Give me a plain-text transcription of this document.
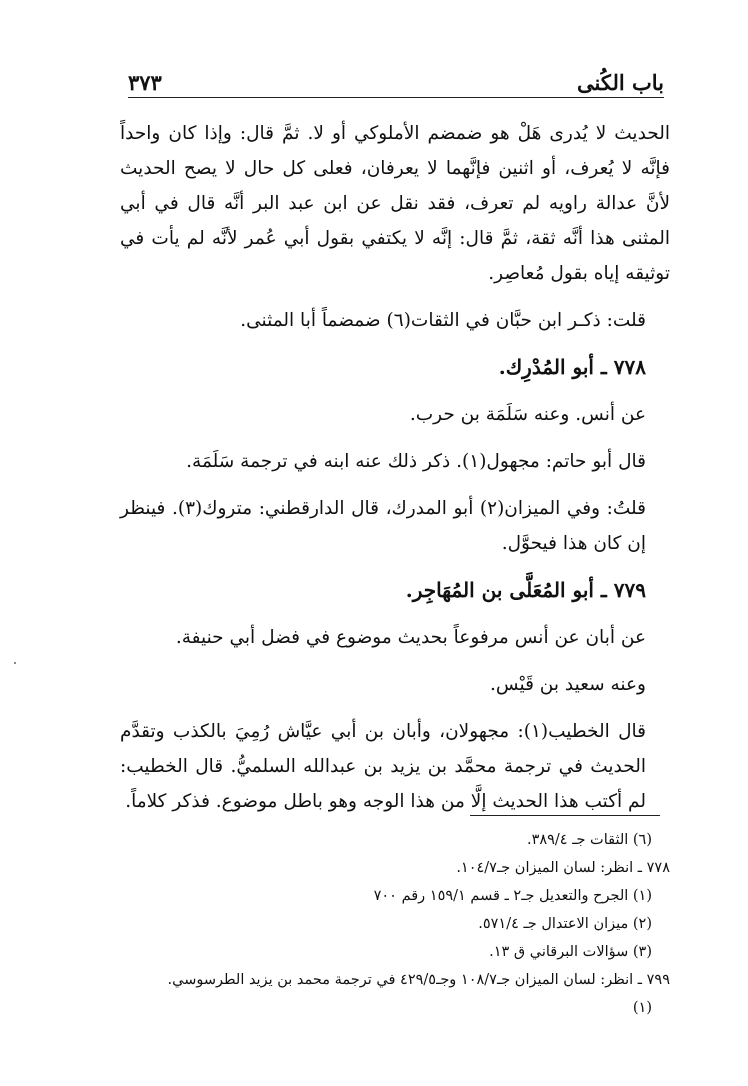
باب الكُنى
٣٧٣

الحديث لا يُدرى هَلْ هو ضمضم الأملوكي أو لا. ثمَّ قال: وإذا كان واحداً فإنَّه لا يُعرف، أو اثنين فإنَّهما لا يعرفان، فعلى كل حال لا يصح الحديث لأنَّ عدالة راويه لم تعرف، فقد نقل عن ابن عبد البر أنَّه قال في أبي المثنى هذا أنَّه ثقة، ثمَّ قال: إنَّه لا يكتفي بقول أبي عُمر لأنَّه لم يأت في توثيقه إياه بقول مُعاصِر.

قلت: ذكـر ابن حبَّان في الثقات(٦) ضمضماً أبا المثنى.

٧٧٨ ـ أبو المُدْرِك.

عن أنس. وعنه سَلَمَة بن حرب.

قال أبو حاتم: مجهول(١). ذكر ذلك عنه ابنه في ترجمة سَلَمَة.

قلتُ: وفي الميزان(٢) أبو المدرك، قال الدارقطني: متروك(٣). فينظر إن كان هذا فيحوَّل.

٧٧٩ ـ أبو المُعَلَّى بن المُهَاجِر.

عن أبان عن أنس مرفوعاً بحديث موضوع في فضل أبي حنيفة.

وعنه سعيد بن قَيْس.

قال الخطيب(١): مجهولان، وأبان بن أبي عيَّاش رُمِيَ بالكذب وتقدَّم الحديث في ترجمة محمَّد بن يزيد بن عبدالله السلميُّ. قال الخطيب: لم أكتب هذا الحديث إلَّا من هذا الوجه وهو باطل موضوع. فذكر كلاماً.

(٦) الثقات جـ ٣٨٩/٤.

٧٧٨ ـ انظر: لسان الميزان جـ١٠٤/٧.

(١) الجرح والتعديل جـ٢ ـ قسم ١٥٩/١ رقم ٧٠٠

(٢) ميزان الاعتدال جـ ٥٧١/٤.

(٣) سؤالات البرقاني ق ١٣.

٧٩٩ ـ انظر: لسان الميزان جـ١٠٨/٧ وجـ٤٢٩/٥ في ترجمة محمد بن يزيد الطرسوسي.

(١)
